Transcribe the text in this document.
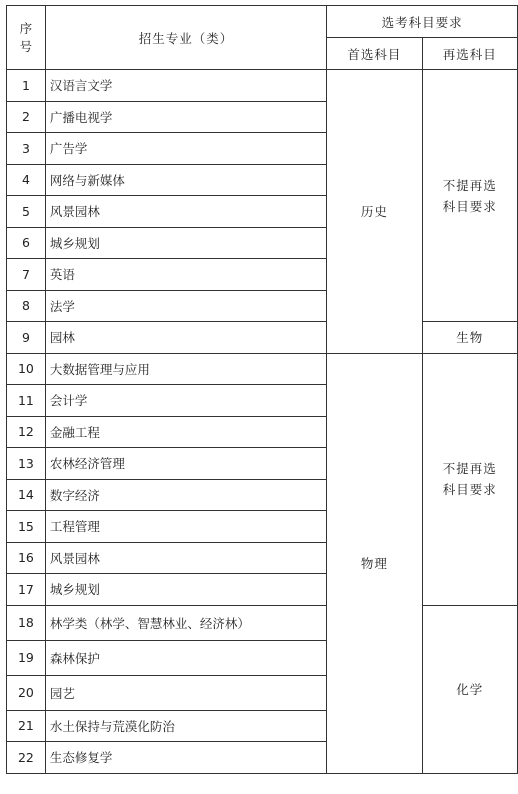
序
号	招生专业（类）	选考科目要求	
		首选科目	再选科目
1	汉语言文学	历史	不提再选
科目要求

2	广播电视学		
3	广告学		
4	网络与新媒体		
5	风景园林		
6	城乡规划		
7	英语		
8	法学		
9	园林		生物
10	大数据管理与应用	物理	不提再选
科目要求

11	会计学		
12	金融工程		
13	农林经济管理		
14	数字经济		
15	工程管理		
16	风景园林		
17	城乡规划		
18	林学类（林学、智慧林业、经济林）		化学
19	森林保护		
20	园艺		
21	水土保持与荒漠化防治		
22	生态修复学		
